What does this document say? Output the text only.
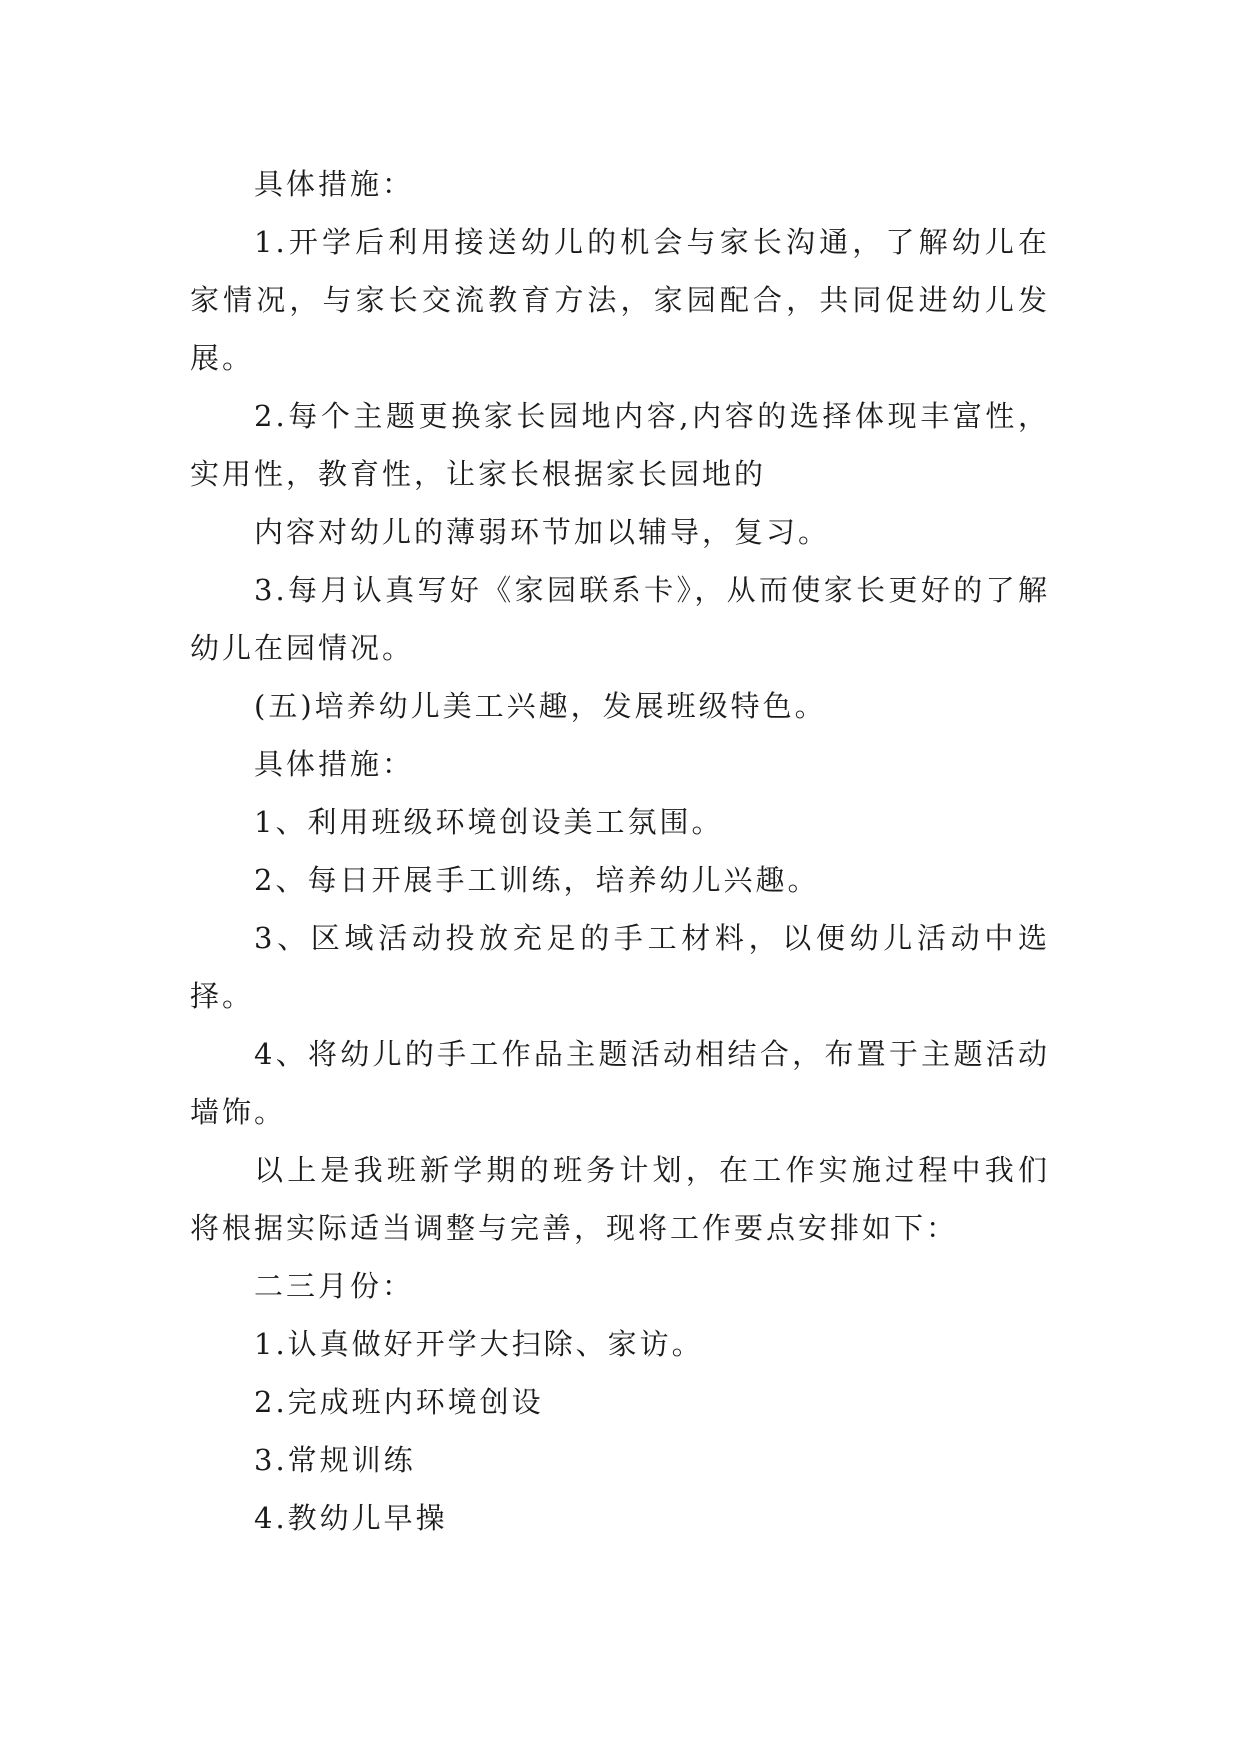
具体措施：

1.开学后利用接送幼儿的机会与家长沟通，了解幼儿在家情况，与家长交流教育方法，家园配合，共同促进幼儿发展。

2.每个主题更换家长园地内容,内容的选择体现丰富性，实用性，教育性，让家长根据家长园地的

内容对幼儿的薄弱环节加以辅导，复习。

3.每月认真写好《家园联系卡》，从而使家长更好的了解幼儿在园情况。

(五)培养幼儿美工兴趣，发展班级特色。

具体措施：

1、利用班级环境创设美工氛围。

2、每日开展手工训练，培养幼儿兴趣。

3、区域活动投放充足的手工材料，以便幼儿活动中选择。

4、将幼儿的手工作品主题活动相结合，布置于主题活动墙饰。

以上是我班新学期的班务计划，在工作实施过程中我们将根据实际适当调整与完善，现将工作要点安排如下：

二三月份：

1.认真做好开学大扫除、家访。

2.完成班内环境创设

3.常规训练

4.教幼儿早操
